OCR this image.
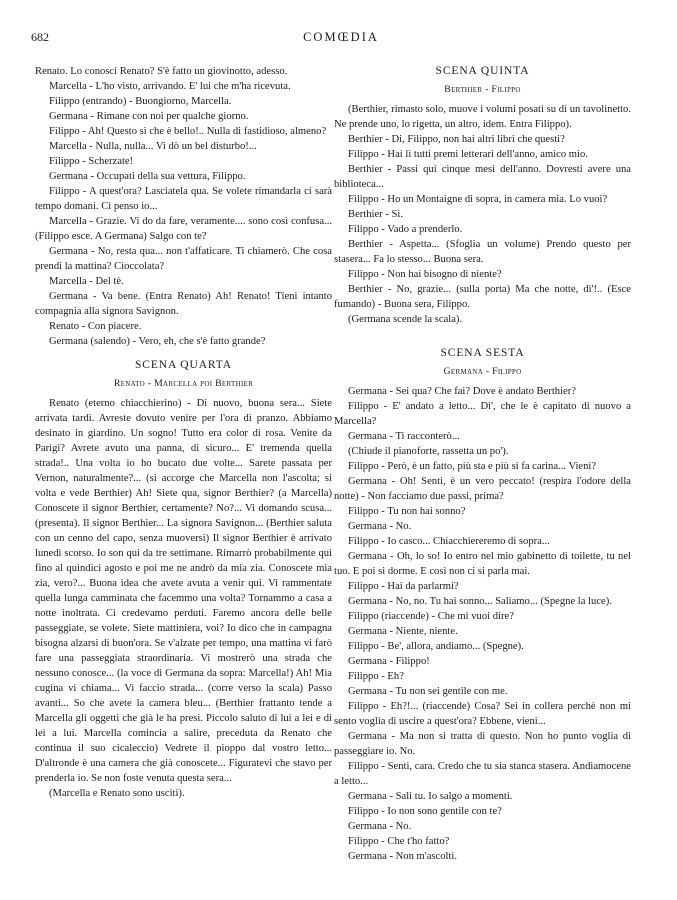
682	COMŒDIA

Renato. Lo conosci Renato? S'è fatto un giovinotto, adesso.

Marcella - L'ho visto, arrivando. E' lui che m'ha ricevuta.

Filippo (entrando) - Buongiorno, Marcella.

Germana - Rimane con noi per qualche giorno.

Filippo - Ah! Questo sì che è bello!.. Nulla di fastidioso, almeno?

Marcella - Nulla, nulla... Vi dò un bel disturbo!...

Filippo - Scherzate!

Germana - Occupati della sua vettura, Filippo.

Filippo - A quest'ora? Lasciatela qua. Se volete rimandarla ci sarà tempo domani. Ci penso io...

Marcella - Grazie. Vi do da fare, veramente.... sono così confusa... (Filippo esce. A Germana) Salgo con te?

Germana - No, resta qua... non t'affaticare. Ti chiamerò. Che cosa prendi la mattina? Cioccolata?

Marcella - Del tè.

Germana - Va bene. (Entra Renato) Ah! Renato! Tieni intanto compagnia alla signora Savignon.

Renato - Con piacere.

Germana (salendo) - Vero, eh, che s'è fatto grande?

SCENA QUARTA
Renato - Marcella poi Berthier

Renato (eterno chiacchierino) - Di nuovo, buona sera... Siete arrivata tardi. Avreste dovuto venire per l'ora di pranzo. Abbiamo desinato in giardino. Un sogno! Tutto era color di rosa. Venite da Parigi? Avrete avuto una panna, di sicuro... E' tremenda quella strada!.. Una volta io ho bucato due volte... Sarete passata per Vernon, naturalmente?... (si accorge che Marcella non l'ascolta; si volta e vede Berthier) Ah! Siete qua, signor Berthier? (a Marcella) Conoscete il signor Berthier, certamente? No?... Vi domando scusa... (presenta). Il signor Berthier... La signora Savignon... (Berthier saluta con un cenno del capo, senza muoversi) Il signor Berthier è arrivato lunedì scorso. Io son qui da tre settimane. Rimarrò probabilmente qui fino al quindici agosto e poi me ne andrò da mia zia. Conoscete mia zia, vero?... Buona idea che avete avuta a venir qui. Vi rammentate quella lunga camminata che facemmo una volta? Tornammo a casa a notte inoltrata. Ci credevamo perduti. Faremo ancora delle belle passeggiate, se volete. Siete mattiniera, voi? Io dico che in campagna bisogna alzarsi di buon'ora. Se v'alzate per tempo, una mattina vi farò fare una passeggiata straordinaria. Vi mostrerò una strada che nessuno conosce... (la voce di Germana da sopra: Marcella!) Ah! Mia cugina vi chiama... Vi faccio strada... (corre verso la scala) Passo avanti... So che avete la camera bleu... (Berthier frattanto tende a Marcella gli oggetti che già le ha presi. Piccolo saluto di lui a lei e di lei a lui. Marcella comincia a salire, preceduta da Renato che continua il suo cicaleccio) Vedrete il pioppo dal vostro letto... D'altronde è una camera che già conoscete... Figuratevi che stavo per prenderla io. Se non foste venuta questa sera...

(Marcella e Renato sono usciti).

SCENA QUINTA
Berthier - Filippo

(Berthier, rimasto solo, muove i volumi posati su di un tavolinetto. Ne prende uno, lo rigetta, un altro, idem. Entra Filippo).

Berthier - Di, Filippo, non hai altri libri che questi?

Filippo - Hai lì tutti premi letterari dell'anno, amico mio.

Berthier - Passi qui cinque mesi dell'anno. Dovresti avere una biblioteca...

Filippo - Ho un Montaigne di sopra, in camera mia. Lo vuoi?

Berthier - Sì.

Filippo - Vado a prenderlo.

Berthier - Aspetta... (Sfoglia un volume) Prendo questo per stasera... Fa lo stesso... Buona sera.

Filippo - Non hai bisogno di niente?

Berthier - No, grazie... (sulla porta) Ma che notte, di'!.. (Esce fumando) - Buona sera, Filippo.

(Germana scende la scala).

SCENA SESTA
Germana - Filippo

Germana - Sei qua? Che fai? Dove è andato Berthier?

Filippo - E' andato a letto... Di', che le è capitato di nuovo a Marcella?

Germana - Ti racconterò...

(Chiude il pianoforte, rassetta un po').

Filippo - Però, è un fatto, più sta e più si fa carina... Vieni?

Germana - Oh! Senti, è un vero peccato! (respira l'odore della notte) - Non facciamo due passi, prima?

Filippo - Tu non hai sonno?

Germana - No.

Filippo - Io casco... Chiacchiereremo di sopra...

Germana - Oh, lo so! Io entro nel mio gabinetto di toilette, tu nel tuo. E poi si dorme. E così non ci si parla mai.

Filippo - Hai da parlarmi?

Germana - No, no. Tu hai sonno... Saliamo... (Spegne la luce).

Filippo (riaccende) - Che mi vuoi dire?

Germana - Niente, niente.

Filippo - Be', allora, andiamo... (Spegne).

Germana - Filippo!

Filippo - Eh?

Germana - Tu non sei gentile con me.

Filippo - Eh?!... (riaccende) Cosa? Sei in collera perchè non mi sento voglia di uscire a quest'ora? Ebbene, vieni...

Germana - Ma non si tratta di questo. Non ho punto voglia di passeggiare io. No.

Filippo - Senti, cara. Credo che tu sia stanca stasera. Andiamocene a letto...

Germana - Sali tu. Io salgo a momenti.

Filippo - Io non sono gentile con te?

Germana - No.

Filippo - Che t'ho fatto?

Germana - Non m'ascolti.
